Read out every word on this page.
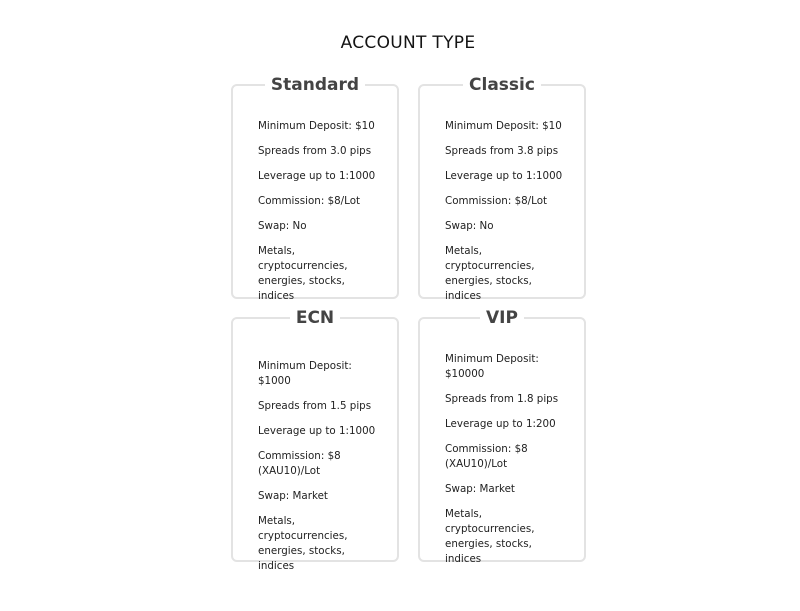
ACCOUNT TYPE
Standard
Minimum Deposit: $10
Spreads from 3.0 pips
Leverage up to 1:1000
Commission: $8/Lot
Swap: No
Metals, cryptocurrencies, energies, stocks, indices
Classic
Minimum Deposit: $10
Spreads from 3.8 pips
Leverage up to 1:1000
Commission: $8/Lot
Swap: No
Metals, cryptocurrencies, energies, stocks, indices
ECN
Minimum Deposit: $1000
Spreads from 1.5 pips
Leverage up to 1:1000
Commission: $8 (XAU10)/Lot
Swap: Market
Metals, cryptocurrencies, energies, stocks, indices
VIP
Minimum Deposit: $10000
Spreads from 1.8 pips
Leverage up to 1:200
Commission: $8 (XAU10)/Lot
Swap: Market
Metals, cryptocurrencies, energies, stocks, indices
